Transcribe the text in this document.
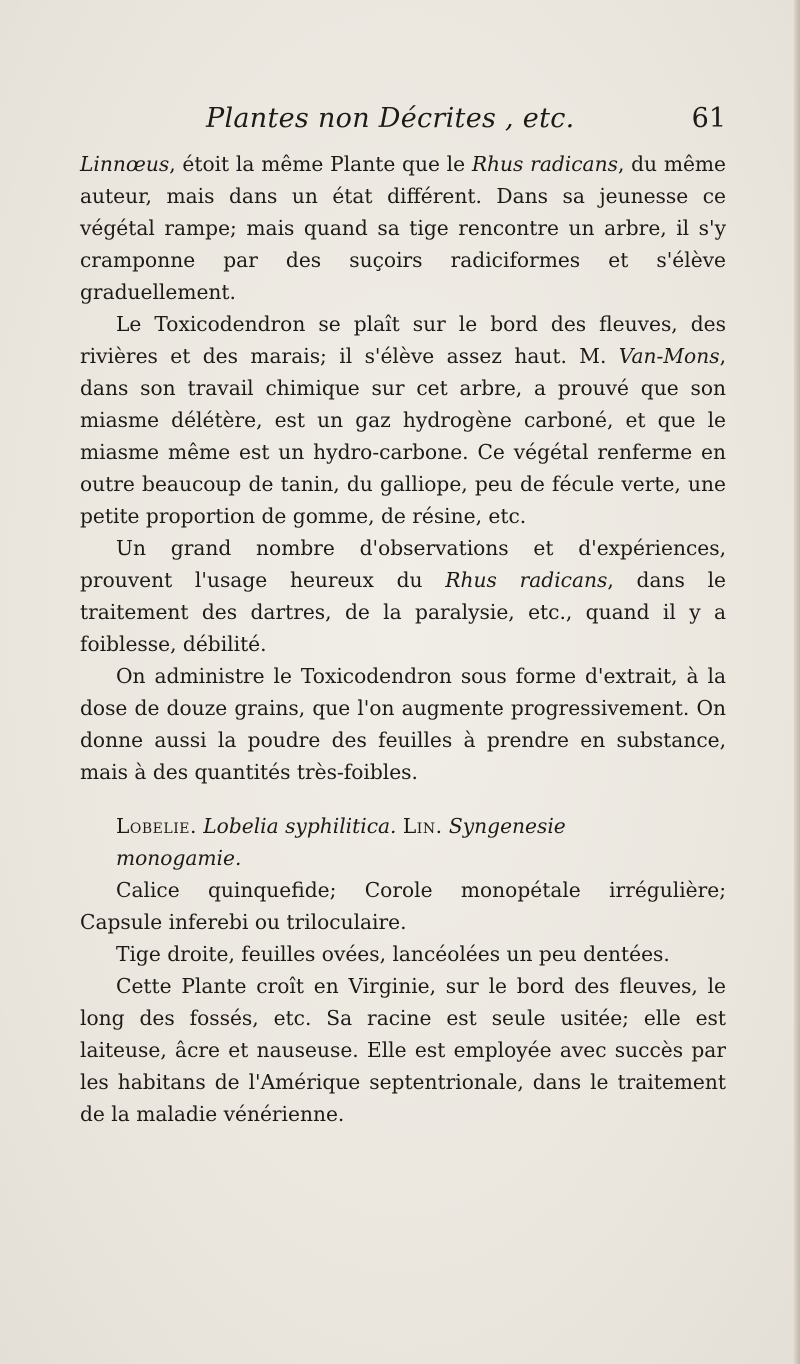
Plantes non Décrites , etc.	61

Linnœus, étoit la même Plante que le Rhus radicans, du même auteur, mais dans un état différent. Dans sa jeunesse ce végétal rampe; mais quand sa tige rencontre un arbre, il s'y cramponne par des suçoirs radiciformes et s'élève graduellement.

Le Toxicodendron se plaît sur le bord des fleuves, des rivières et des marais; il s'élève assez haut. M. Van-Mons, dans son travail chimique sur cet arbre, a prouvé que son miasme délétère, est un gaz hydrogène carboné, et que le miasme même est un hydro-carbone. Ce végétal renferme en outre beaucoup de tanin, du galliope, peu de fécule verte, une petite proportion de gomme, de résine, etc.

Un grand nombre d'observations et d'expériences, prouvent l'usage heureux du Rhus radicans, dans le traitement des dartres, de la paralysie, etc., quand il y a foiblesse, débilité.

On administre le Toxicodendron sous forme d'extrait, à la dose de douze grains, que l'on augmente progressivement. On donne aussi la poudre des feuilles à prendre en substance, mais à des quantités très-foibles.

Lobelie. Lobelia syphilitica. Lin. Syngenesie
monogamie.

Calice quinquefide; Corole monopétale irrégulière; Capsule inferebi ou triloculaire.

Tige droite, feuilles ovées, lancéolées un peu dentées.

Cette Plante croît en Virginie, sur le bord des fleuves, le long des fossés, etc. Sa racine est seule usitée; elle est laiteuse, âcre et nauseuse. Elle est employée avec succès par les habitans de l'Amérique septentrionale, dans le traitement de la maladie vénérienne.
